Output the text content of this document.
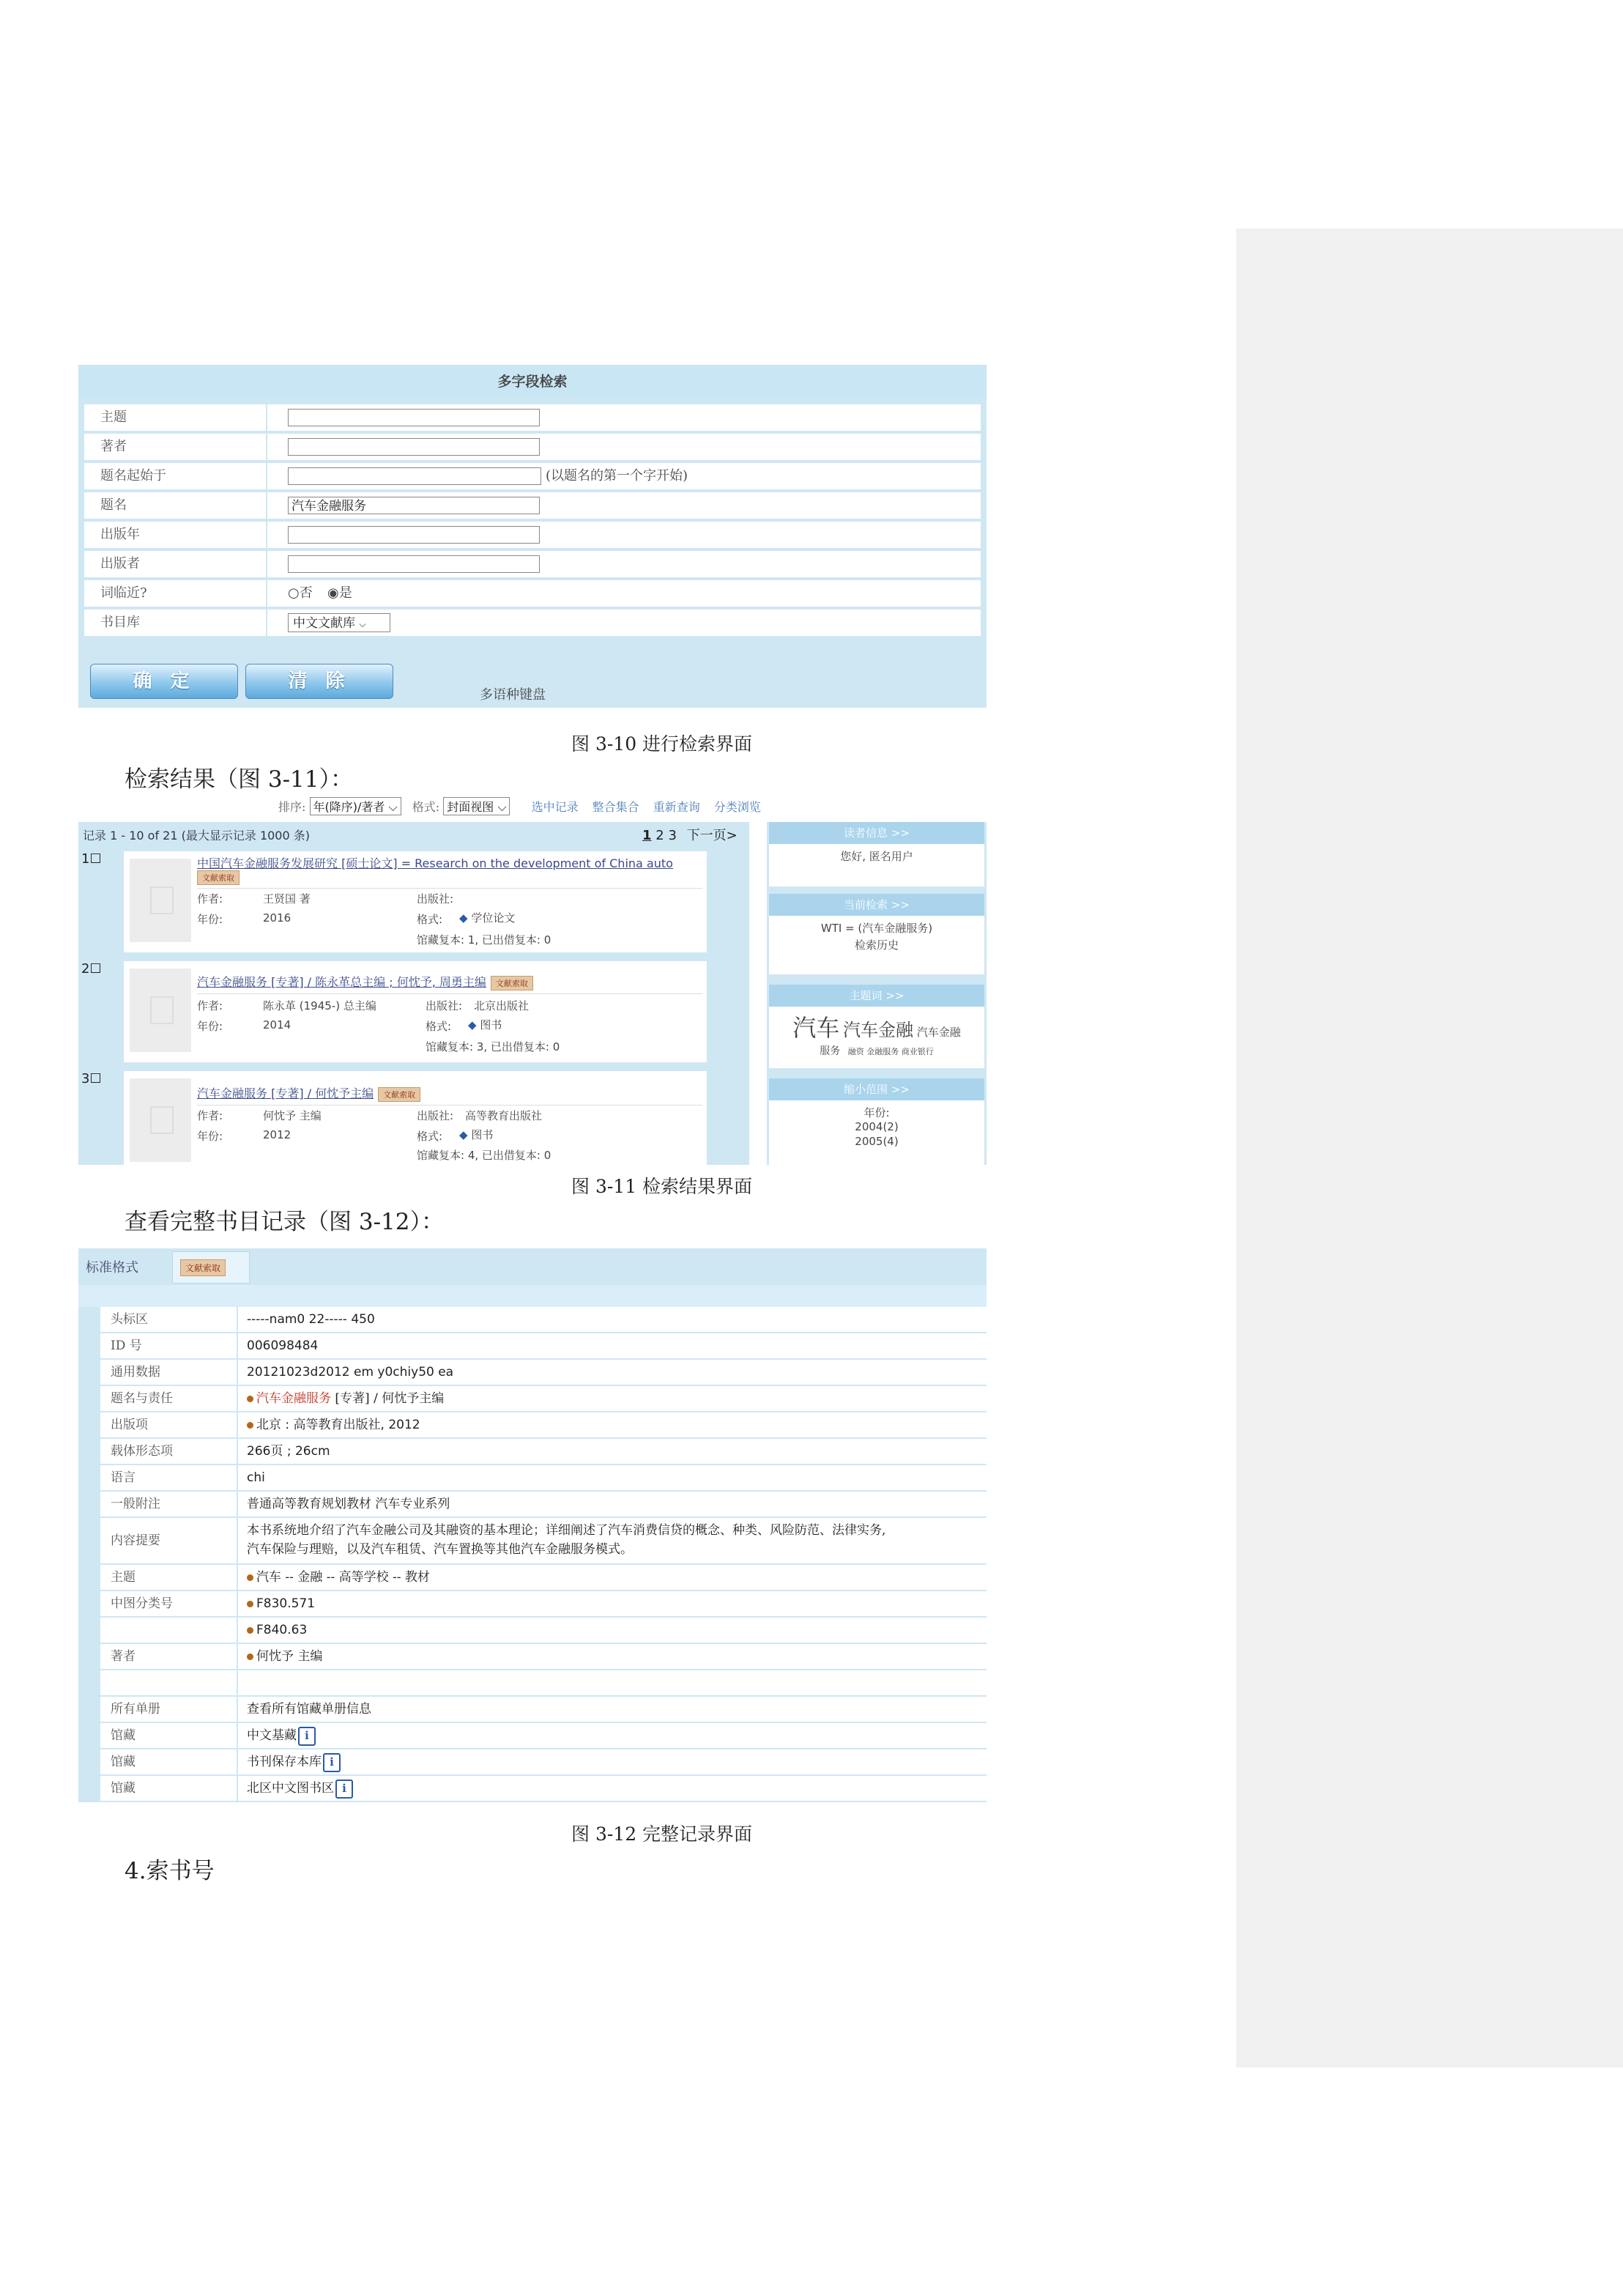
多字段检索
主题
著者
题名起始于	(以题名的第一个字开始)
题名	汽车金融服务
出版年
出版者
词临近?	○否 ◉是
书目库	中文文献库 ⌵
确 定	清 除
多语种键盘
图 3-10 进行检索界面
检索结果（图 3-11）：
排序: 年(降序)/著者 ⌵ 格式: 封面视图 ⌵ 选中记录 整合集合 重新查询 分类浏览
记录 1 - 10 of 21 (最大显示记录 1000 条)	1 2 3 下一页>
1☐	中国汽车金融服务发展研究 [硕士论文] = Research on the development of China auto
文献索取
作者:	王贤国 著
年份:	2016
出版社:
格式: ◆ 学位论文
馆藏复本: 1, 已出借复本: 0
2☐
汽车金融服务 [专著] / 陈永革总主编 ; 何忱予, 周勇主编 文献索取
作者:	陈永革 (1945-) 总主编
年份:	2014
出版社: 北京出版社
格式: ◆ 图书
馆藏复本: 3, 已出借复本: 0
3☐
汽车金融服务 [专著] / 何忱予主编 文献索取
作者:	何忱予 主编
年份:	2012
出版社: 高等教育出版社
格式: ◆ 图书
馆藏复本: 4, 已出借复本: 0
读者信息 >>
您好, 匿名用户
当前检索 >>
WTI = (汽车金融服务)
检索历史
主题词 >>
汽车 汽车金融 汽车金融
服务 融资 金融服务 商业银行
缩小范围 >>
年份:
2004(2)
2005(4)
图 3-11 检索结果界面
查看完整书目记录（图 3-12）：
标准格式	文献索取
头标区	-----nam0 22----- 450
ID 号	006098484
通用数据	20121023d2012 em y0chiy50 ea
题名与责任	汽车金融服务 [专著] / 何忱予主编
出版项	北京 : 高等教育出版社, 2012
载体形态项	266页 ; 26cm
语言	chi
一般附注	普通高等教育规划教材 汽车专业系列
内容提要
本书系统地介绍了汽车金融公司及其融资的基本理论；详细阐述了汽车消费信贷的概念、种类、风险防范、法律实务,
汽车保险与理赔，以及汽车租赁、汽车置换等其他汽车金融服务模式。
主题	汽车 -- 金融 -- 高等学校 -- 教材
中图分类号	F830.571
F840.63
著者	何忱予 主编
所有单册	查看所有馆藏单册信息
馆藏	中文基藏 i
馆藏	书刊保存本库 i
馆藏	北区中文图书区 i
图 3-12 完整记录界面
4.索书号
